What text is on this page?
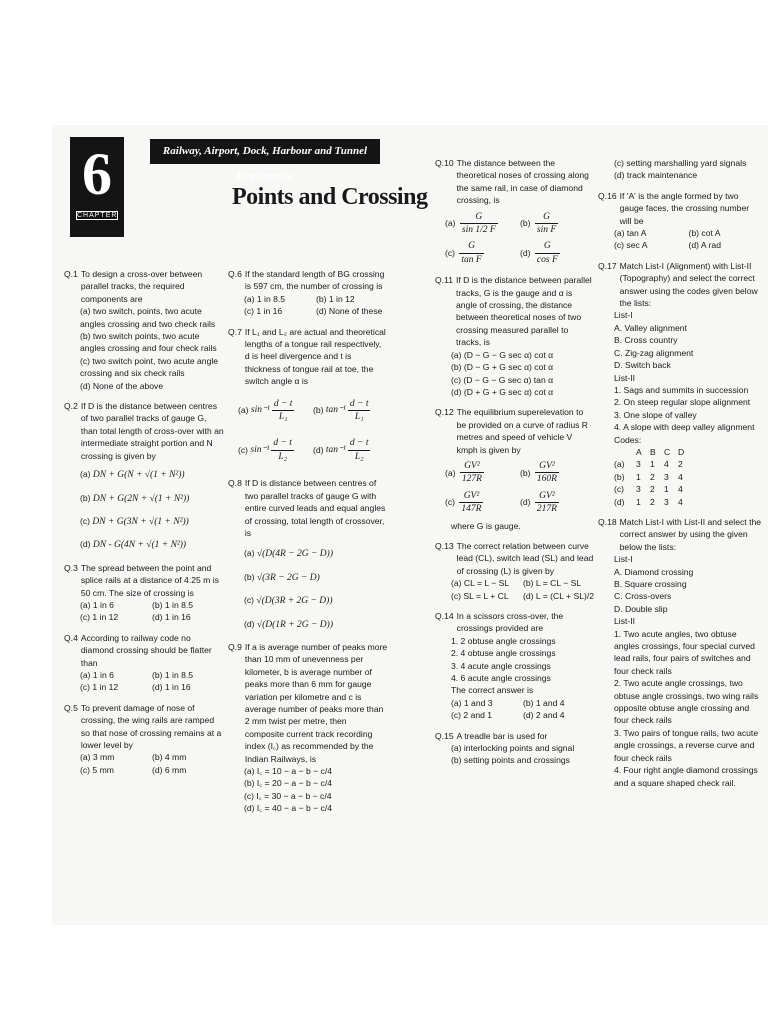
6
CHAPTER
Railway, Airport, Dock, Harbour and Tunnel Engineering
Points and Crossing
Q.1 To design a cross-over between parallel tracks, the required components are
(a) two switch, points, two acute angles crossing and two check rails
(b) two switch points, two acute angles crossing and four check rails
(c) two switch point, two acute angle crossing and six check rails
(d) None of the above
Q.2 If D is the distance between centres of two parallel tracks of gauge G, than total length of cross-over with an intermediate straight portion and N crossing is given by
(a) DN + G(N + √(1 + N²))
(b) DN + G(2N + √(1 + N²))
(c) DN + G(3N + √(1 + N²))
(d) DN - G(4N + √(1 + N²))
Q.3 The spread between the point and splice rails at a distance of 4.25 m is 50 cm. The size of crossing is
(a) 1 in 6	(b) 1 in 8.5
(c) 1 in 12	(d) 1 in 16
Q.4 According to railway code no diamond crossing should be flatter than
(a) 1 in 6	(b) 1 in 8.5
(c) 1 in 12	(d) 1 in 16
Q.5 To prevent damage of nose of crossing, the wing rails are ramped so that nose of crossing remains at a lower level by
(a) 3 mm	(b) 4 mm
(c) 5 mm	(d) 6 mm
Q.6 If the standard length of BG crossing is 597 cm, the number of crossing is
(a) 1 in 8.5	(b) 1 in 12
(c) 1 in 16	(d) None of these
Q.7 If L₁ and L₂ are actual and theoretical lengths of a tongue rail respectively, d is heel divergence and t is thickness of tongue rail at toe, the switch angle α is
(a)
$\sin^{-1} \frac{d - t}{\text{L₁}} (b)$
$\tan^{-1} \frac{d - t}{\text{L₁}}$
(c)
$\sin^{-1} \frac{d - t}{\text{L₂}} (d)$
$\tan^{-1} \frac{d - t}{\text{L₂}}$
Q.8 If D is distance between centres of two parallel tracks of gauge G with entire curved leads and equal angles of crossing, total length of crossover, is
(a) √(D(4R − 2G − D))
(b) √(3R − 2G − D)
(c) √(D(3R + 2G − D))
(d) √(D(1R + 2G − D))
Q.9 If a is average number of peaks more than 10 mm of unevenness per kilometer, b is average number of peaks more than 6 mm for gauge variation per kilometre and c is average number of peaks more than 2 mm twist per metre, then composite current track recording index (I꜀) as recommended by the Indian Railways, is
(a) I꜀ = 10 − a − b − c/4
(b) I꜀ = 20 − a − b − c/4
(c) I꜀ = 30 − a − b − c/4
(d) I꜀ = 40 − a − b − c/4
Q.10 The distance between the theoretical noses of crossing along the same rail, in case of diamond crossing, is
(a)
$\frac{G}{\sin 1/2 F}$	(b)
$\frac{G}{\text{sin F}}$
(c)
$\frac{G}{\text{tan F}}$	(d)
$\frac{G}{\text{cos F}}$
Q.11 If D is the distance between parallel tracks, G is the gauge and α is angle of crossing, the distance between theoretical noses of two crossing measured parallel to tracks, is
(a) (D − G − G sec α) cot α
(b) (D − G + G sec α) cot α
(c) (D − G − G sec α) tan α
(d) (D + G + G sec α) cot α
Q.12 The equilibrium superelevation to be provided on a curve of radius R metres and speed of vehicle V kmph is given by
(a)
$\frac{\text{GV²}}{127R}$	(b)
$\frac{\text{GV²}}{160R}$
(c)
$\frac{\text{GV²}}{147R}$	(d)
$\frac{\text{GV²}}{217R}$
where G is gauge.
Q.13 The correct relation between curve lead (CL), switch lead (SL) and lead of crossing (L) is given by
(a) CL = L − SL	(b) L = CL − SL
(c) SL = L + CL	(d) L = (CL + SL)/2
Q.14 In a scissors cross-over, the crossings provided are
1. 2 obtuse angle crossings
2. 4 obtuse angle crossings
3. 4 acute angle crossings
4. 6 acute angle crossings
The correct answer is
(a) 1 and 3	(b) 1 and 4
(c) 2 and 1	(d) 2 and 4
Q.15 A treadle bar is used for
(a) interlocking points and signal
(b) setting points and crossings
(c) setting marshalling yard signals
(d) track maintenance
Q.16 If 'A' is the angle formed by two gauge faces, the crossing number will be
(a) tan A	(b) cot A
(c) sec A	(d) A rad
Q.17 Match List-I (Alignment) with List-II (Topography) and select the correct answer using the codes given below the lists:
List-I
A. Valley alignment
B. Cross country
C. Zig-zag alignment
D. Switch back
List-II
1. Sags and summits in succession
2. On steep regular slope alignment
3. One slope of valley
4. A slope with deep valley alignment
Codes:
A B C D
(a)	3	1	4	2
(b)	1	2	3	4
(c)	3	2	1	4
(d)	1	2	3	4
Q.18 Match List-I with List-II and select the correct answer by using the given below the lists:
List-I
A. Diamond crossing
B. Square crossing
C. Cross-overs
D. Double slip
List-II
1. Two acute angles, two obtuse angles crossings, four special curved lead rails, four pairs of switches and four check rails
2. Two acute angle crossings, two obtuse angle crossings, two wing rails opposite obtuse angle crossing and four check rails
3. Two pairs of tongue rails, two acute angle crossings, a reverse curve and four check rails
4. Four right angle diamond crossings and a square shaped check rail.
